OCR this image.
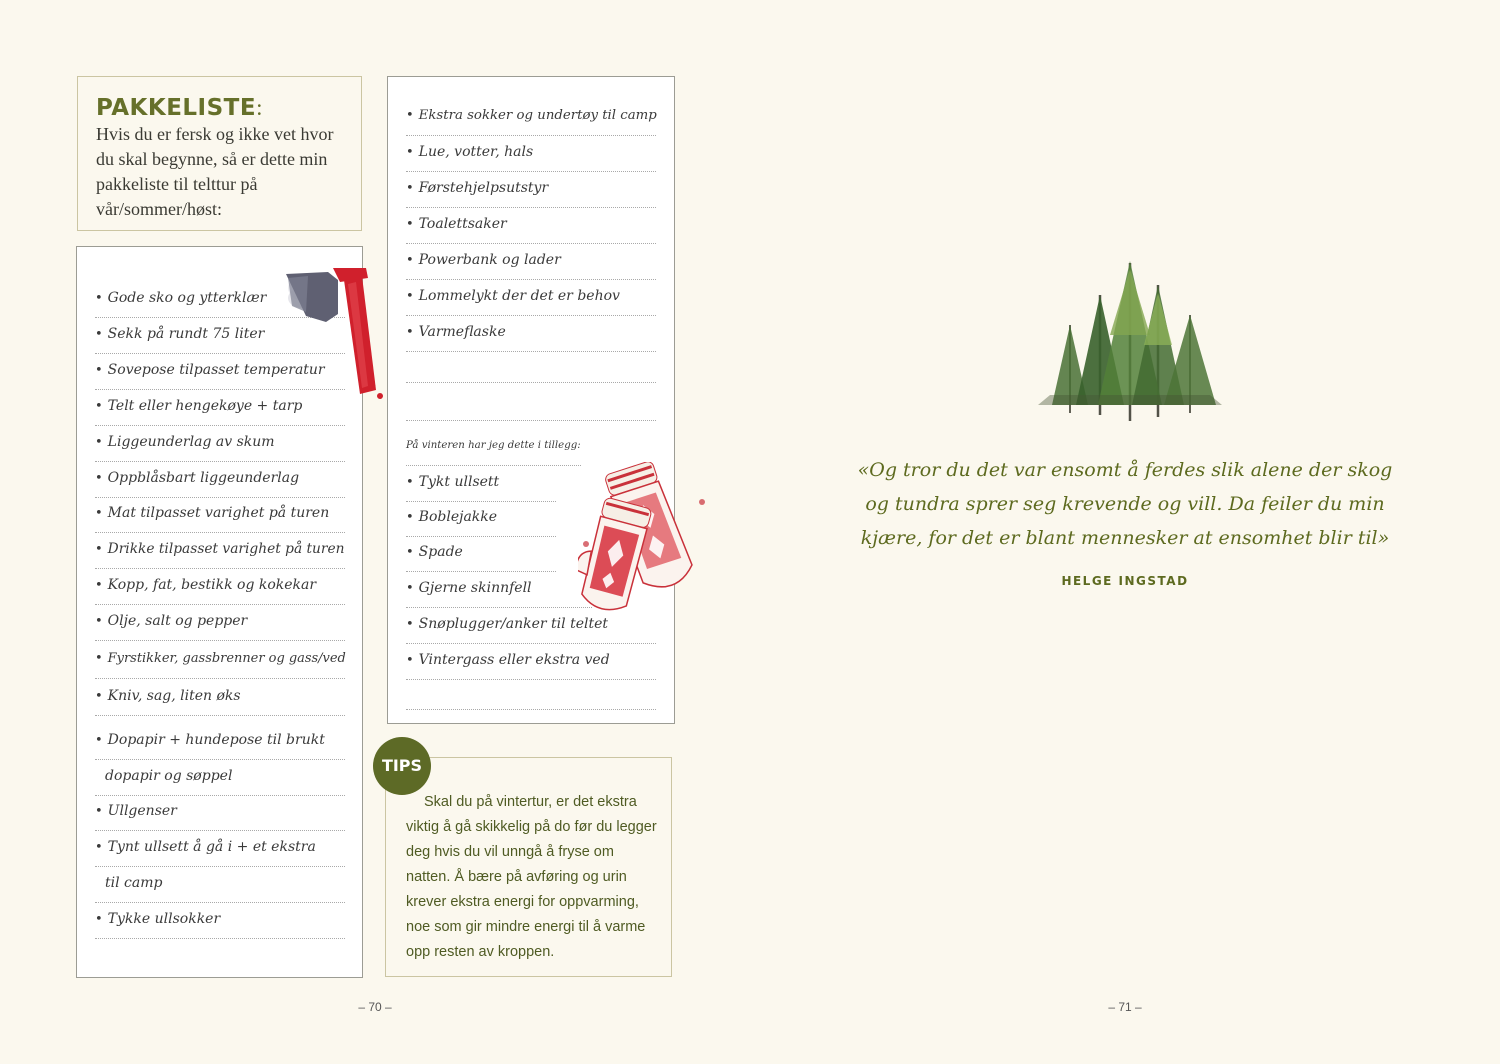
PAKKELISTE:
Hvis du er fersk og ikke vet hvor du skal begynne, så er dette min pakkeliste til telttur på vår/sommer/høst:
• Gode sko og ytterklær
• Sekk på rundt 75 liter
• Sovepose tilpasset temperatur
• Telt eller hengekøye + tarp
• Liggeunderlag av skum
• Oppblåsbart liggeunderlag
• Mat tilpasset varighet på turen
• Drikke tilpasset varighet på turen
• Kopp, fat, bestikk og kokekar
• Olje, salt og pepper
• Fyrstikker, gassbrenner og gass/ved
• Kniv, sag, liten øks
• Dopapir + hundepose til brukt
dopapir og søppel
• Ullgenser
• Tynt ullsett å gå i + et ekstra
til camp
• Tykke ullsokker
• Ekstra sokker og undertøy til camp
• Lue, votter, hals
• Førstehjelpsutstyr
• Toalettsaker
• Powerbank og lader
• Lommelykt der det er behov
• Varmeflaske
På vinteren har jeg dette i tillegg:
• Tykt ullsett
• Boblejakke
• Spade
• Gjerne skinnfell
• Snøplugger/anker til teltet
• Vintergass eller ekstra ved
TIPS
Skal du på vintertur, er det ekstra viktig å gå skikkelig på do før du legger deg hvis du vil unngå å fryse om natten. Å bære på avføring og urin krever ekstra energi for oppvarming, noe som gir mindre energi til å varme opp resten av kroppen.
«Og tror du det var ensomt å ferdes slik alene der skog og tundra sprer seg krevende og vill. Da feiler du min kjære, for det er blant mennesker at ensomhet blir til»
HELGE INGSTAD
– 70 –	– 71 –
